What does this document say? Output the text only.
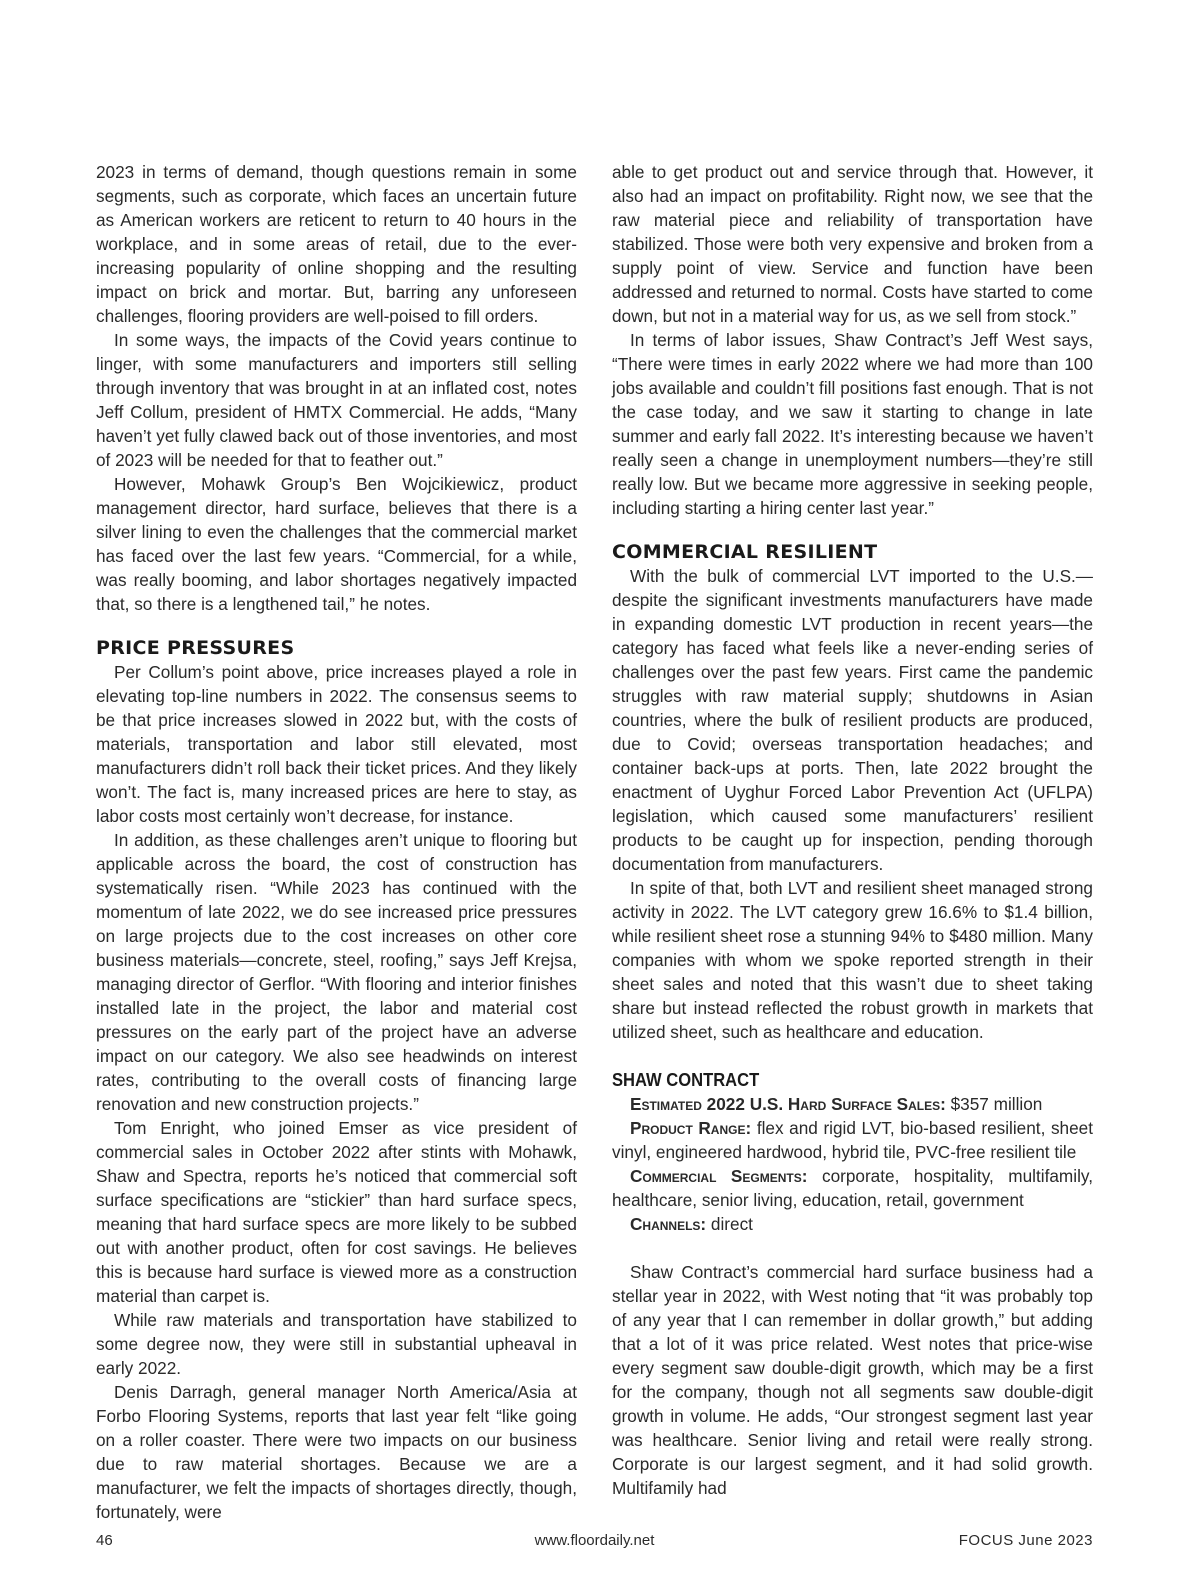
2023 in terms of demand, though questions remain in some segments, such as corporate, which faces an uncertain future as American workers are reticent to return to 40 hours in the workplace, and in some areas of retail, due to the ever-increasing popularity of online shopping and the resulting impact on brick and mortar. But, barring any unforeseen challenges, flooring providers are well-poised to fill orders.

In some ways, the impacts of the Covid years continue to linger, with some manufacturers and importers still selling through inventory that was brought in at an inflated cost, notes Jeff Collum, president of HMTX Commercial. He adds, “Many haven’t yet fully clawed back out of those inventories, and most of 2023 will be needed for that to feather out.”

However, Mohawk Group’s Ben Wojcikiewicz, product management director, hard surface, believes that there is a silver lining to even the challenges that the commercial market has faced over the last few years. “Commercial, for a while, was really booming, and labor shortages negatively impacted that, so there is a lengthened tail,” he notes.

PRICE PRESSURES

Per Collum’s point above, price increases played a role in elevating top-line numbers in 2022. The consensus seems to be that price increases slowed in 2022 but, with the costs of materials, transportation and labor still elevated, most manufacturers didn’t roll back their ticket prices. And they likely won’t. The fact is, many increased prices are here to stay, as labor costs most certainly won’t decrease, for instance.

In addition, as these challenges aren’t unique to flooring but applicable across the board, the cost of construction has systematically risen. “While 2023 has continued with the momentum of late 2022, we do see increased price pressures on large projects due to the cost increases on other core business materials—concrete, steel, roofing,” says Jeff Krejsa, managing director of Gerflor. “With flooring and interior finishes installed late in the project, the labor and material cost pressures on the early part of the project have an adverse impact on our category. We also see headwinds on interest rates, contributing to the overall costs of financing large renovation and new construction projects.”

Tom Enright, who joined Emser as vice president of commercial sales in October 2022 after stints with Mohawk, Shaw and Spectra, reports he’s noticed that commercial soft surface specifications are “stickier” than hard surface specs, meaning that hard surface specs are more likely to be subbed out with another product, often for cost savings. He believes this is because hard surface is viewed more as a construction material than carpet is.

While raw materials and transportation have stabilized to some degree now, they were still in substantial upheaval in early 2022.

Denis Darragh, general manager North America/Asia at Forbo Flooring Systems, reports that last year felt “like going on a roller coaster. There were two impacts on our business due to raw material shortages. Because we are a manufacturer, we felt the impacts of shortages directly, though, fortunately, were

able to get product out and service through that. However, it also had an impact on profitability. Right now, we see that the raw material piece and reliability of transportation have stabilized. Those were both very expensive and broken from a supply point of view. Service and function have been addressed and returned to normal. Costs have started to come down, but not in a material way for us, as we sell from stock.”

In terms of labor issues, Shaw Contract’s Jeff West says, “There were times in early 2022 where we had more than 100 jobs available and couldn’t fill positions fast enough. That is not the case today, and we saw it starting to change in late summer and early fall 2022. It’s interesting because we haven’t really seen a change in unemployment numbers—they’re still really low. But we became more aggressive in seeking people, including starting a hiring center last year.”

COMMERCIAL RESILIENT

With the bulk of commercial LVT imported to the U.S.—despite the significant investments manufacturers have made in expanding domestic LVT production in recent years—the category has faced what feels like a never-ending series of challenges over the past few years. First came the pandemic struggles with raw material supply; shutdowns in Asian countries, where the bulk of resilient products are produced, due to Covid; overseas transportation headaches; and container back-ups at ports. Then, late 2022 brought the enactment of Uyghur Forced Labor Prevention Act (UFLPA) legislation, which caused some manufacturers’ resilient products to be caught up for inspection, pending thorough documentation from manufacturers.

In spite of that, both LVT and resilient sheet managed strong activity in 2022. The LVT category grew 16.6% to $1.4 billion, while resilient sheet rose a stunning 94% to $480 million. Many companies with whom we spoke reported strength in their sheet sales and noted that this wasn’t due to sheet taking share but instead reflected the robust growth in markets that utilized sheet, such as healthcare and education.

SHAW CONTRACT

Estimated 2022 U.S. Hard Surface Sales: $357 million

Product Range: flex and rigid LVT, bio-based resilient, sheet vinyl, engineered hardwood, hybrid tile, PVC-free resilient tile

Commercial Segments: corporate, hospitality, multifamily, healthcare, senior living, education, retail, government

Channels: direct

Shaw Contract’s commercial hard surface business had a stellar year in 2022, with West noting that “it was probably top of any year that I can remember in dollar growth,” but adding that a lot of it was price related. West notes that price-wise every segment saw double-digit growth, which may be a first for the company, though not all segments saw double-digit growth in volume. He adds, “Our strongest segment last year was healthcare. Senior living and retail were really strong. Corporate is our largest segment, and it had solid growth. Multifamily had

46	www.floordaily.net	FOCUS June 2023
